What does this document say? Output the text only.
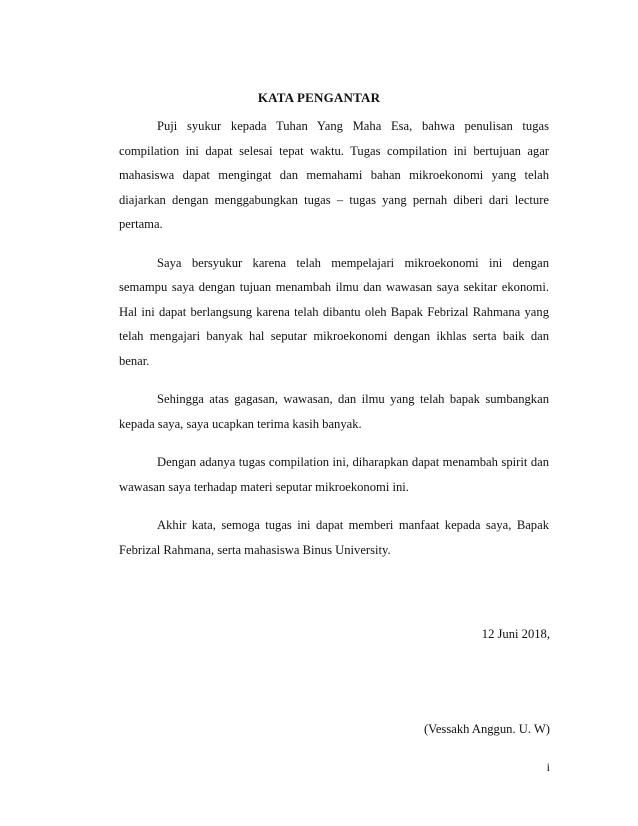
KATA PENGANTAR

Puji syukur kepada Tuhan Yang Maha Esa, bahwa penulisan tugas compilation ini dapat selesai tepat waktu. Tugas compilation ini bertujuan agar mahasiswa dapat mengingat dan memahami bahan mikroekonomi yang telah diajarkan dengan menggabungkan tugas – tugas yang pernah diberi dari lecture pertama.

Saya bersyukur karena telah mempelajari mikroekonomi ini dengan semampu saya dengan tujuan menambah ilmu dan wawasan saya sekitar ekonomi. Hal ini dapat berlangsung karena telah dibantu oleh Bapak Febrizal Rahmana yang telah mengajari banyak hal seputar mikroekonomi dengan ikhlas serta baik dan benar.

Sehingga atas gagasan, wawasan, dan ilmu yang telah bapak sumbangkan kepada saya, saya ucapkan terima kasih banyak.

Dengan adanya tugas compilation ini, diharapkan dapat menambah spirit dan wawasan saya terhadap materi seputar mikroekonomi ini.

Akhir kata, semoga tugas ini dapat memberi manfaat kepada saya, Bapak Febrizal Rahmana, serta mahasiswa Binus University.

12 Juni 2018,
(Vessakh Anggun. U. W)
i
